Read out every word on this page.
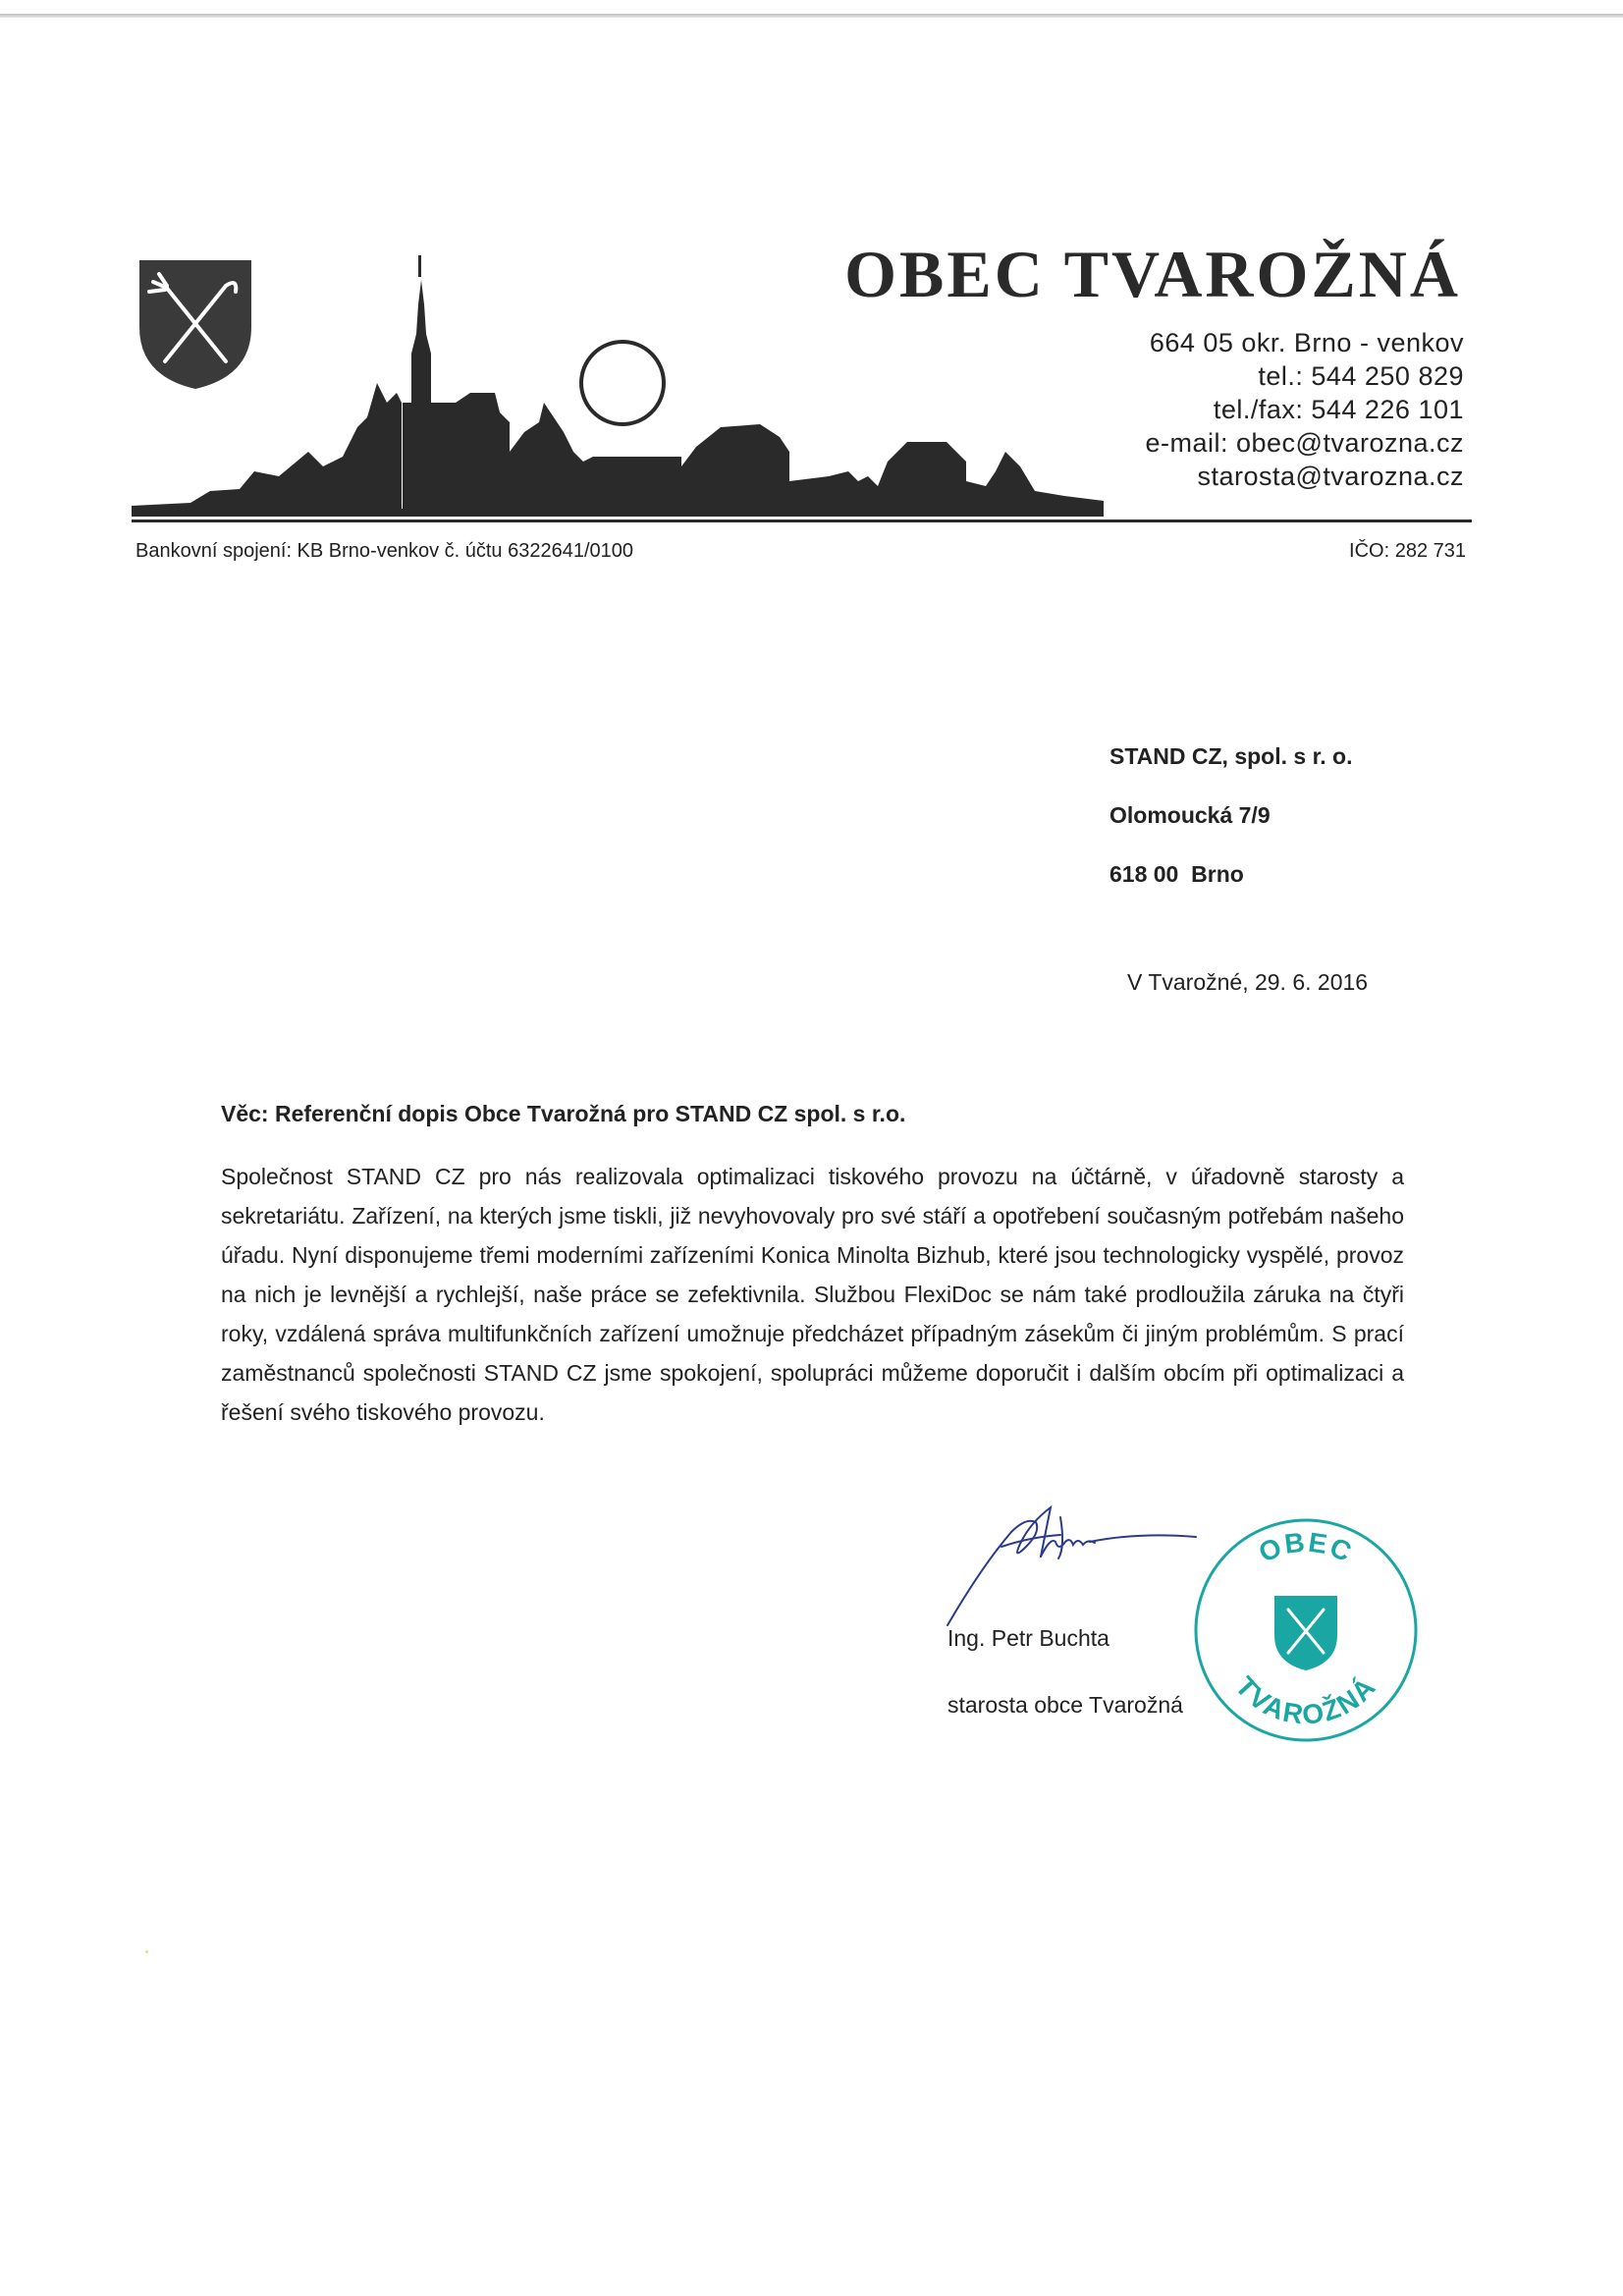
OBEC TVAROŽNÁ
664 05 okr. Brno - venkov
tel.: 544 250 829
tel./fax: 544 226 101
e-mail: obec@tvarozna.cz
starosta@tvarozna.cz
Bankovní spojení: KB Brno-venkov č. účtu 6322641/0100	IČO: 282 731
STAND CZ, spol. s r. o.
Olomoucká 7/9
618 00  Brno
V Tvarožné, 29. 6. 2016
Věc: Referenční dopis Obce Tvarožná pro STAND CZ spol. s r.o.
Společnost STAND CZ pro nás realizovala optimalizaci tiskového provozu na účtárně, v úřadovně starosty a sekretariátu. Zařízení, na kterých jsme tiskli, již nevyhovovaly pro své stáří a opotřebení současným potřebám našeho úřadu. Nyní disponujeme třemi moderními zařízeními Konica Minolta Bizhub, které jsou technologicky vyspělé, provoz na nich je levnější a rychlejší, naše práce se zefektivnila. Službou FlexiDoc se nám také prodloužila záruka na čtyři roky, vzdálená správa multifunkčních zařízení umožnuje předcházet případným zásekům či jiným problémům. S prací zaměstnanců společnosti STAND CZ jsme spokojení, spolupráci můžeme doporučit i dalším obcím při optimalizaci a řešení svého tiskového provozu.
Ing. Petr Buchta
starosta obce Tvarožná
OBEC
TVAROŽNÁ
